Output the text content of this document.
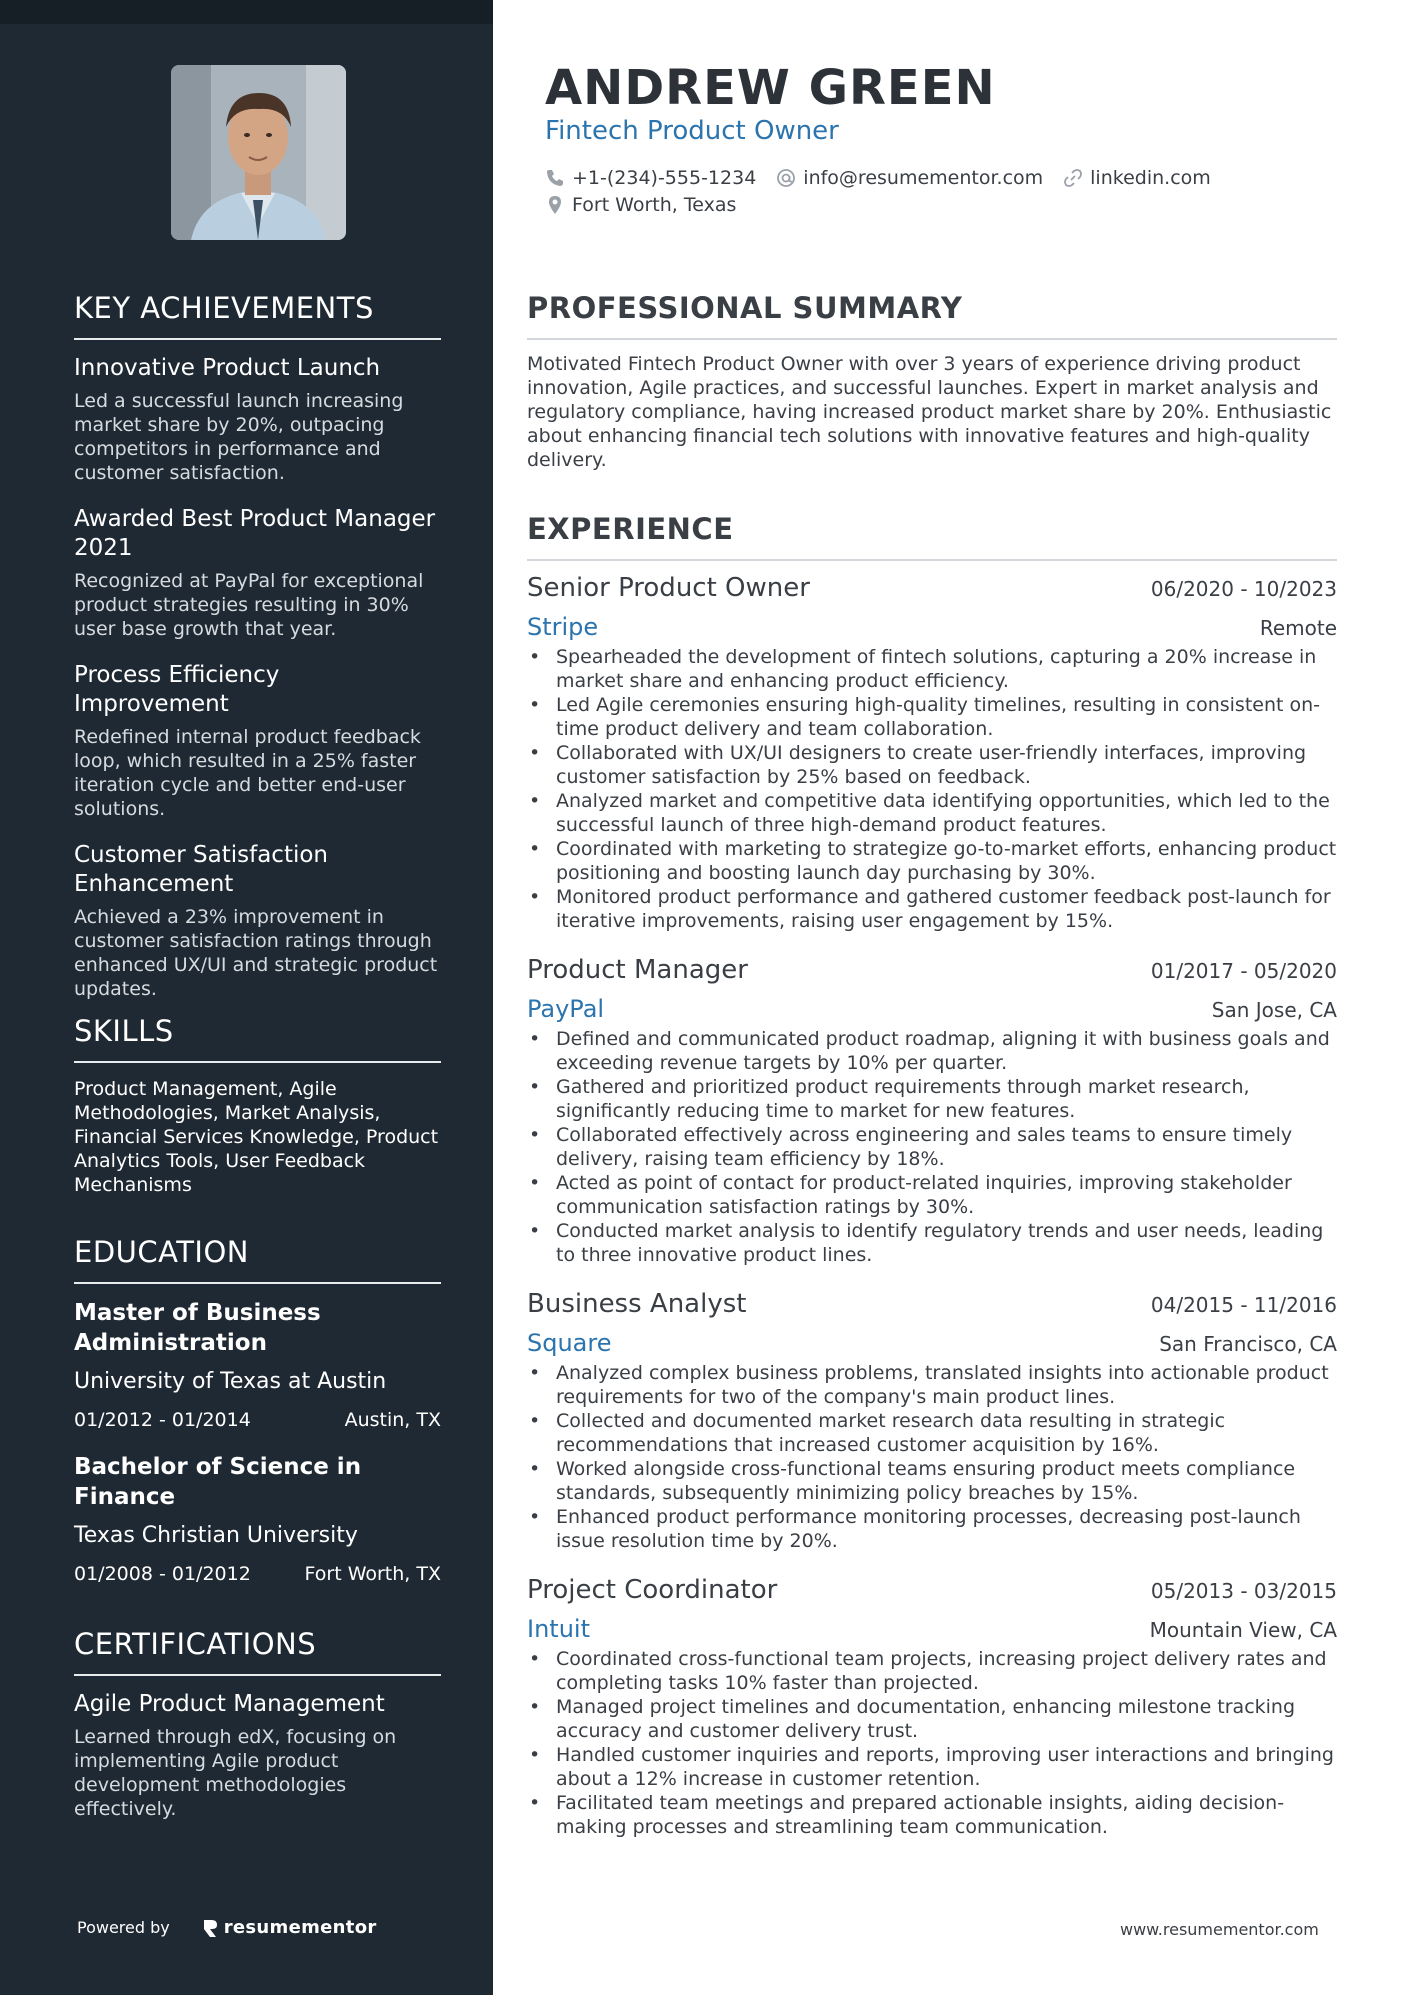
KEY ACHIEVEMENTS
Innovative Product Launch
Led a successful launch increasing market share by 20%, outpacing competitors in performance and customer satisfaction.
Awarded Best Product Manager 2021
Recognized at PayPal for exceptional product strategies resulting in 30% user base growth that year.
Process Efficiency Improvement
Redefined internal product feedback loop, which resulted in a 25% faster iteration cycle and better end-user solutions.
Customer Satisfaction Enhancement
Achieved a 23% improvement in customer satisfaction ratings through enhanced UX/UI and strategic product updates.
SKILLS
Product Management, Agile Methodologies, Market Analysis, Financial Services Knowledge, Product Analytics Tools, User Feedback Mechanisms
EDUCATION
Master of Business Administration
University of Texas at Austin
01/2012 - 01/2014	Austin, TX
Bachelor of Science in Finance
Texas Christian University
01/2008 - 01/2012	Fort Worth, TX
CERTIFICATIONS
Agile Product Management
Learned through edX, focusing on implementing Agile product development methodologies effectively.
Powered by	resumementor
ANDREW GREEN
Fintech Product Owner
+1-(234)-555-1234 info@resumementor.com linkedin.com
Fort Worth, Texas
PROFESSIONAL SUMMARY

Motivated Fintech Product Owner with over 3 years of experience driving product innovation, Agile practices, and successful launches. Expert in market analysis and regulatory compliance, having increased product market share by 20%. Enthusiastic about enhancing financial tech solutions with innovative features and high-quality delivery.

EXPERIENCE
Senior Product Owner	06/2020 - 10/2023
Stripe	Remote
• Spearheaded the development of fintech solutions, capturing a 20% increase in market share and enhancing product efficiency.
• Led Agile ceremonies ensuring high-quality timelines, resulting in consistent on-time product delivery and team collaboration.
• Collaborated with UX/UI designers to create user-friendly interfaces, improving customer satisfaction by 25% based on feedback.
• Analyzed market and competitive data identifying opportunities, which led to the successful launch of three high-demand product features.
• Coordinated with marketing to strategize go-to-market efforts, enhancing product positioning and boosting launch day purchasing by 30%.
• Monitored product performance and gathered customer feedback post-launch for iterative improvements, raising user engagement by 15%.
Product Manager	01/2017 - 05/2020
PayPal	San Jose, CA
• Defined and communicated product roadmap, aligning it with business goals and exceeding revenue targets by 10% per quarter.
• Gathered and prioritized product requirements through market research, significantly reducing time to market for new features.
• Collaborated effectively across engineering and sales teams to ensure timely delivery, raising team efficiency by 18%.
• Acted as point of contact for product-related inquiries, improving stakeholder communication satisfaction ratings by 30%.
• Conducted market analysis to identify regulatory trends and user needs, leading to three innovative product lines.
Business Analyst	04/2015 - 11/2016
Square	San Francisco, CA
• Analyzed complex business problems, translated insights into actionable product requirements for two of the company's main product lines.
• Collected and documented market research data resulting in strategic recommendations that increased customer acquisition by 16%.
• Worked alongside cross-functional teams ensuring product meets compliance standards, subsequently minimizing policy breaches by 15%.
• Enhanced product performance monitoring processes, decreasing post-launch issue resolution time by 20%.
Project Coordinator	05/2013 - 03/2015
Intuit	Mountain View, CA
• Coordinated cross-functional team projects, increasing project delivery rates and completing tasks 10% faster than projected.
• Managed project timelines and documentation, enhancing milestone tracking accuracy and customer delivery trust.
• Handled customer inquiries and reports, improving user interactions and bringing about a 12% increase in customer retention.
• Facilitated team meetings and prepared actionable insights, aiding decision-making processes and streamlining team communication.
www.resumementor.com
